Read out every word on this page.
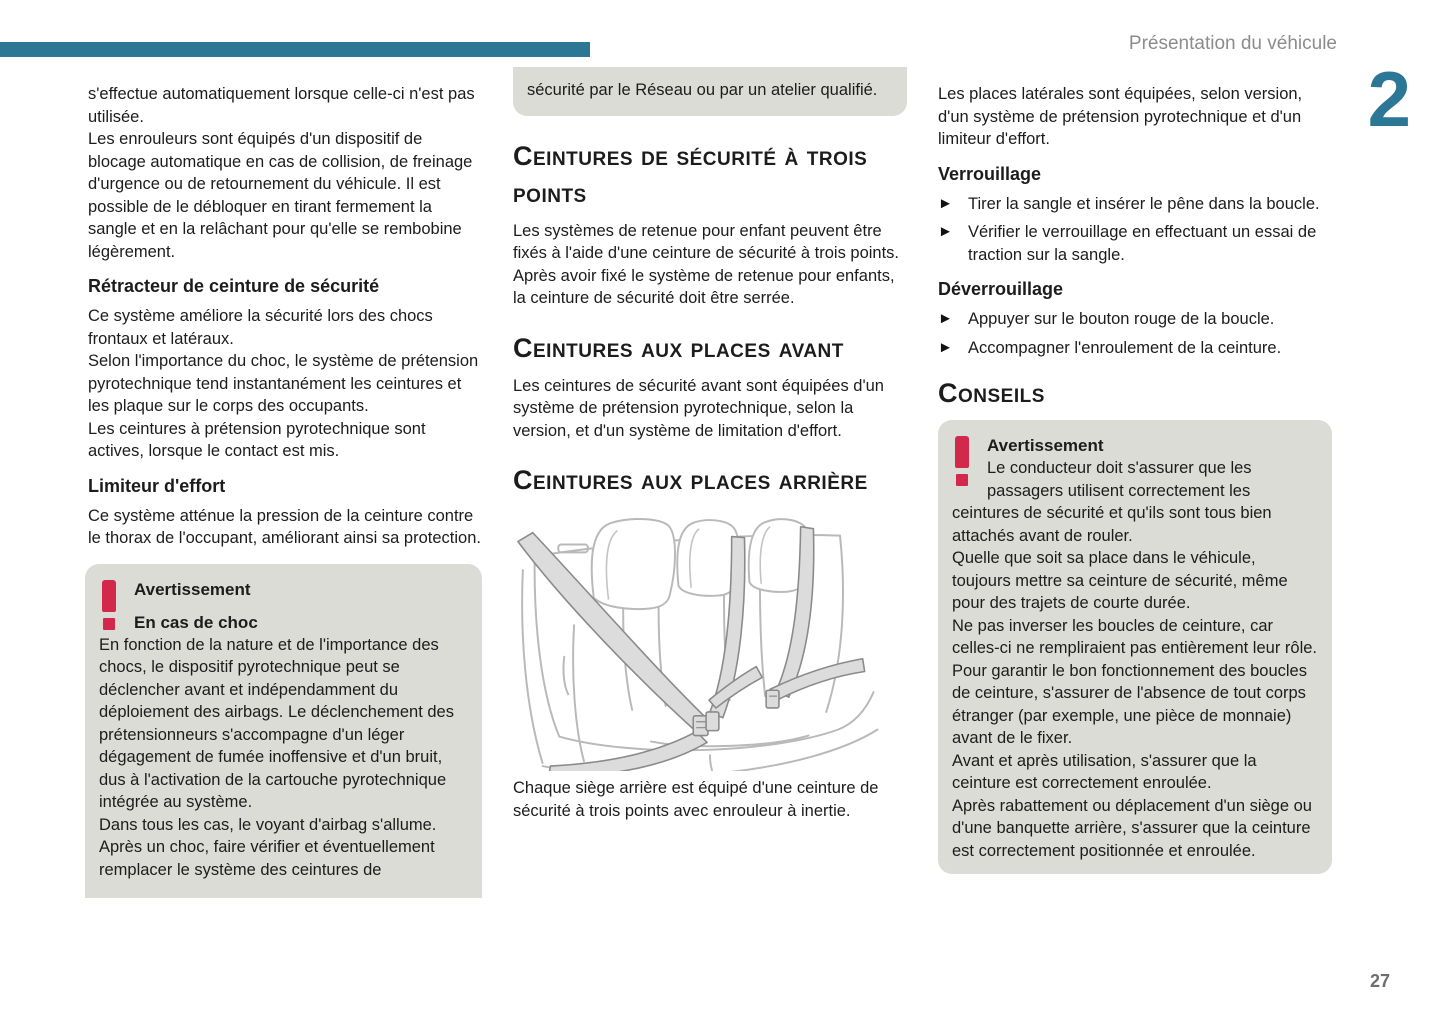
Présentation du véhicule
2

s'effectue automatiquement lorsque celle-ci n'est pas utilisée.

Les enrouleurs sont équipés d'un dispositif de blocage automatique en cas de collision, de freinage d'urgence ou de retournement du véhicule. Il est possible de le débloquer en tirant fermement la sangle et en la relâchant pour qu'elle se rembobine légèrement.

Rétracteur de ceinture de sécurité

Ce système améliore la sécurité lors des chocs frontaux et latéraux.

Selon l'importance du choc, le système de prétension pyrotechnique tend instantanément les ceintures et les plaque sur le corps des occupants.

Les ceintures à prétension pyrotechnique sont actives, lorsque le contact est mis.

Limiteur d'effort

Ce système atténue la pression de la ceinture contre le thorax de l'occupant, améliorant ainsi sa protection.

Avertissement
En cas de choc

En fonction de la nature et de l'importance des chocs, le dispositif pyrotechnique peut se déclencher avant et indépendamment du déploiement des airbags. Le déclenchement des prétensionneurs s'accompagne d'un léger dégagement de fumée inoffensive et d'un bruit, dus à l'activation de la cartouche pyrotechnique intégrée au système.

Dans tous les cas, le voyant d'airbag s'allume.

Après un choc, faire vérifier et éventuellement remplacer le système des ceintures de

sécurité par le Réseau ou par un atelier qualifié.

Ceintures de sécurité à trois points

Les systèmes de retenue pour enfant peuvent être fixés à l'aide d'une ceinture de sécurité à trois points. Après avoir fixé le système de retenue pour enfants, la ceinture de sécurité doit être serrée.

Ceintures aux places avant

Les ceintures de sécurité avant sont équipées d'un système de prétension pyrotechnique, selon la version, et d'un système de limitation d'effort.

Ceintures aux places arrière

Chaque siège arrière est équipé d'une ceinture de sécurité à trois points avec enrouleur à inertie.

Les places latérales sont équipées, selon version, d'un système de prétension pyrotechnique et d'un limiteur d'effort.

Verrouillage
► Tirer la sangle et insérer le pêne dans la boucle.
► Vérifier le verrouillage en effectuant un essai de traction sur la sangle.
Déverrouillage
► Appuyer sur le bouton rouge de la boucle.
► Accompagner l'enroulement de la ceinture.
Conseils
Avertissement

Le conducteur doit s'assurer que les passagers utilisent correctement les ceintures de sécurité et qu'ils sont tous bien attachés avant de rouler.

Quelle que soit sa place dans le véhicule, toujours mettre sa ceinture de sécurité, même pour des trajets de courte durée.

Ne pas inverser les boucles de ceinture, car celles-ci ne rempliraient pas entièrement leur rôle.

Pour garantir le bon fonctionnement des boucles de ceinture, s'assurer de l'absence de tout corps étranger (par exemple, une pièce de monnaie) avant de le fixer.

Avant et après utilisation, s'assurer que la ceinture est correctement enroulée.

Après rabattement ou déplacement d'un siège ou d'une banquette arrière, s'assurer que la ceinture est correctement positionnée et enroulée.

27
